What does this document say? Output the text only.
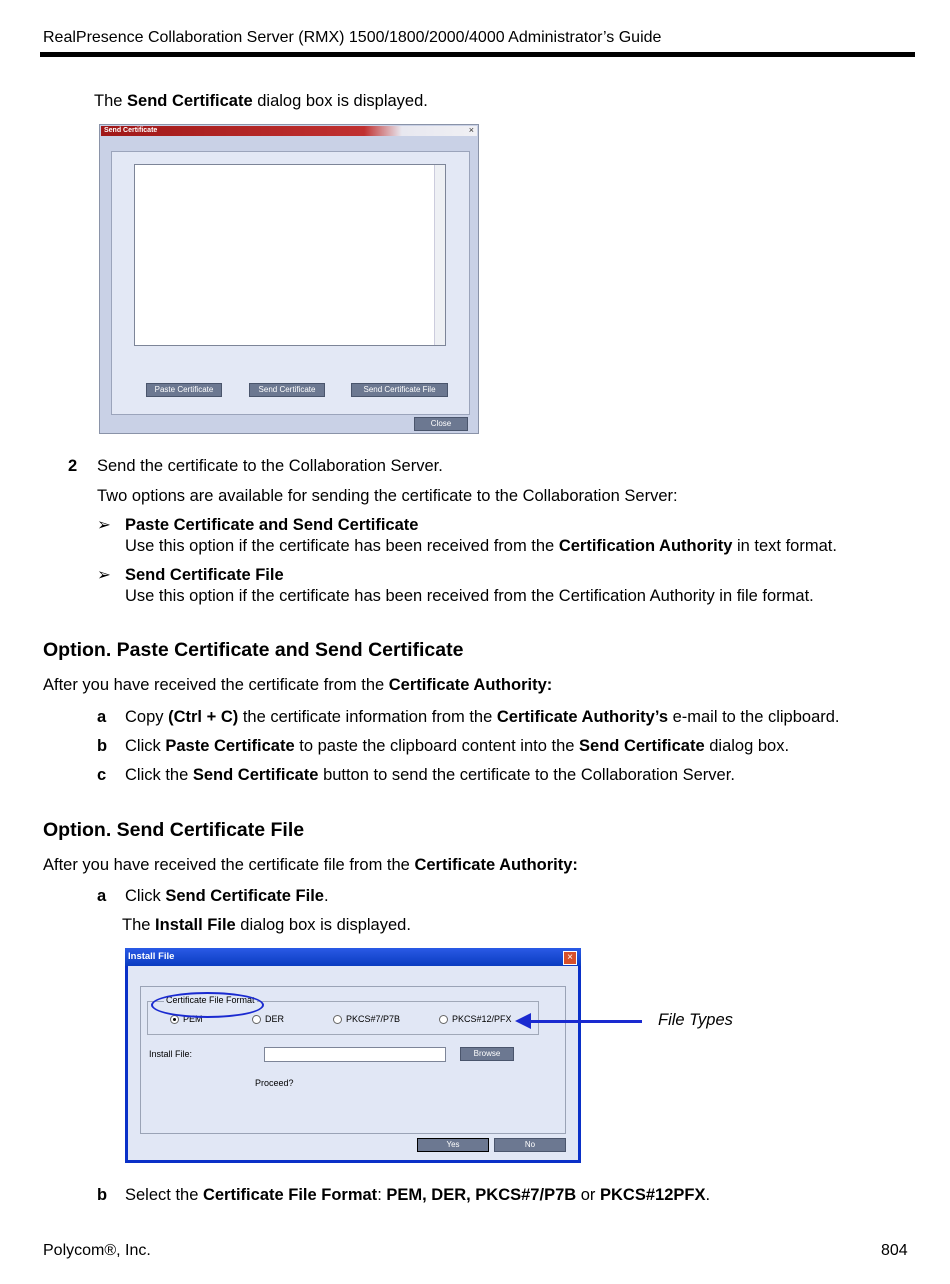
RealPresence Collaboration Server (RMX) 1500/1800/2000/4000 Administrator’s Guide
The Send Certificate dialog box is displayed.
Send Certificate	×
Paste Certificate	Send Certificate	Send Certificate File
Close
2 Send the certificate to the Collaboration Server.
Two options are available for sending the certificate to the Collaboration Server:
➢ Paste Certificate and Send Certificate
Use this option if the certificate has been received from the Certification Authority in text format.
➢ Send Certificate File
Use this option if the certificate has been received from the Certification Authority in file format.
Option. Paste Certificate and Send Certificate
After you have received the certificate from the Certificate Authority:
a Copy (Ctrl + C) the certificate information from the Certificate Authority’s e-mail to the clipboard.
b Click Paste Certificate to paste the clipboard content into the Send Certificate dialog box.
c Click the Send Certificate button to send the certificate to the Collaboration Server.
Option. Send Certificate File
After you have received the certificate file from the Certificate Authority:
a Click Send Certificate File.
The Install File dialog box is displayed.
Install File	×
Certificate File Format
PEM	DER	PKCS#7/P7B	PKCS#12/PFX
Install File:	Browse
Proceed?
Yes	No
File Types
b Select the Certificate File Format: PEM, DER, PKCS#7/P7B or PKCS#12PFX.
Polycom®, Inc.	804
